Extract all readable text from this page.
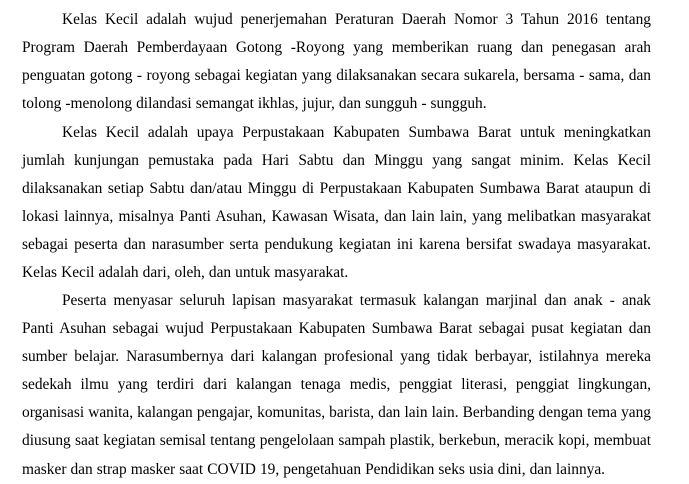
Kelas Kecil adalah wujud penerjemahan Peraturan Daerah Nomor 3 Tahun 2016 tentang Program Daerah Pemberdayaan Gotong -Royong yang memberikan ruang dan penegasan arah penguatan gotong - royong sebagai kegiatan yang dilaksanakan secara sukarela, bersama - sama, dan tolong -menolong dilandasi semangat ikhlas, jujur, dan sungguh - sungguh.

Kelas Kecil adalah upaya Perpustakaan Kabupaten Sumbawa Barat untuk meningkatkan jumlah kunjungan pemustaka pada Hari Sabtu dan Minggu yang sangat minim. Kelas Kecil dilaksanakan setiap Sabtu dan/atau Minggu di Perpustakaan Kabupaten Sumbawa Barat ataupun di lokasi lainnya, misalnya Panti Asuhan, Kawasan Wisata, dan lain lain, yang melibatkan masyarakat sebagai peserta dan narasumber serta pendukung kegiatan ini karena bersifat swadaya masyarakat. Kelas Kecil adalah dari, oleh, dan untuk masyarakat.

Peserta menyasar seluruh lapisan masyarakat termasuk kalangan marjinal dan anak - anak Panti Asuhan sebagai wujud Perpustakaan Kabupaten Sumbawa Barat sebagai pusat kegiatan dan sumber belajar. Narasumbernya dari kalangan profesional yang tidak berbayar, istilahnya mereka sedekah ilmu yang terdiri dari kalangan tenaga medis, penggiat literasi, penggiat lingkungan, organisasi wanita, kalangan pengajar, komunitas, barista, dan lain lain. Berbanding dengan tema yang diusung saat kegiatan semisal tentang pengelolaan sampah plastik, berkebun, meracik kopi, membuat masker dan strap masker saat COVID 19, pengetahuan Pendidikan seks usia dini, dan lainnya.
